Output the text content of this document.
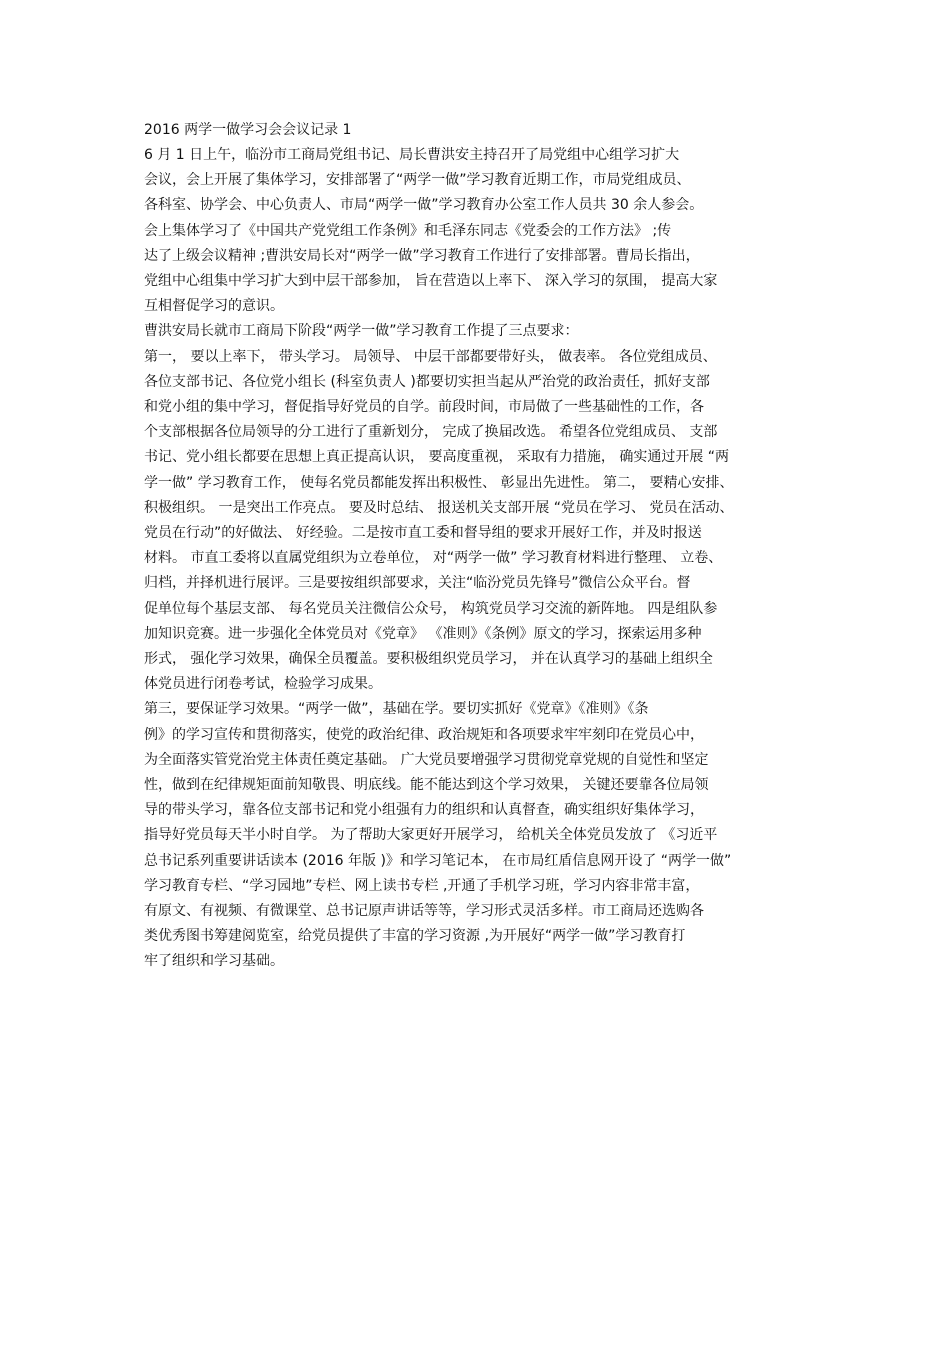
2016 两学一做学习会会议记录 1
6 月 1 日上午，临汾市工商局党组书记、局长曹洪安主持召开了局党组中心组学习扩大
会议，会上开展了集体学习，安排部署了“两学一做”学习教育近期工作，市局党组成员、
各科室、协学会、中心负责人、市局“两学一做”学习教育办公室工作人员共 30 余人参会。
会上集体学习了《中国共产党党组工作条例》和毛泽东同志《党委会的工作方法》 ;传
达了上级会议精神 ;曹洪安局长对“两学一做”学习教育工作进行了安排部署。曹局长指出，
党组中心组集中学习扩大到中层干部参加， 旨在营造以上率下、 深入学习的氛围， 提高大家
互相督促学习的意识。
曹洪安局长就市工商局下阶段“两学一做”学习教育工作提了三点要求：
第一， 要以上率下， 带头学习。 局领导、 中层干部都要带好头， 做表率。 各位党组成员、
各位支部书记、各位党小组长 (科室负责人 )都要切实担当起从严治党的政治责任，抓好支部
和党小组的集中学习，督促指导好党员的自学。前段时间，市局做了一些基础性的工作，各
个支部根据各位局领导的分工进行了重新划分， 完成了换届改选。 希望各位党组成员、 支部
书记、党小组长都要在思想上真正提高认识， 要高度重视， 采取有力措施， 确实通过开展 “两
学一做” 学习教育工作， 使每名党员都能发挥出积极性、 彰显出先进性。 第二， 要精心安排、
积极组织。 一是突出工作亮点。 要及时总结、 报送机关支部开展 “党员在学习、 党员在活动、
党员在行动”的好做法、 好经验。二是按市直工委和督导组的要求开展好工作，并及时报送
材料。 市直工委将以直属党组织为立卷单位， 对“两学一做” 学习教育材料进行整理、 立卷、
归档，并择机进行展评。三是要按组织部要求，关注“临汾党员先锋号”微信公众平台。督
促单位每个基层支部、 每名党员关注微信公众号， 构筑党员学习交流的新阵地。 四是组队参
加知识竞赛。进一步强化全体党员对《党章》 《准则》《条例》原文的学习，探索运用多种
形式， 强化学习效果，确保全员覆盖。要积极组织党员学习， 并在认真学习的基础上组织全
体党员进行闭卷考试，检验学习成果。
第三，要保证学习效果。“两学一做”，基础在学。要切实抓好《党章》《准则》《条
例》的学习宣传和贯彻落实，使党的政治纪律、政治规矩和各项要求牢牢刻印在党员心中，
为全面落实管党治党主体责任奠定基础。 广大党员要增强学习贯彻党章党规的自觉性和坚定
性，做到在纪律规矩面前知敬畏、明底线。能不能达到这个学习效果， 关键还要靠各位局领
导的带头学习，靠各位支部书记和党小组强有力的组织和认真督查，确实组织好集体学习，
指导好党员每天半小时自学。 为了帮助大家更好开展学习， 给机关全体党员发放了 《习近平
总书记系列重要讲话读本 (2016 年版 )》和学习笔记本， 在市局红盾信息网开设了 “两学一做”
学习教育专栏、“学习园地”专栏、网上读书专栏 ,开通了手机学习班，学习内容非常丰富，
有原文、有视频、有微课堂、总书记原声讲话等等，学习形式灵活多样。市工商局还选购各
类优秀图书筹建阅览室，给党员提供了丰富的学习资源 ,为开展好“两学一做”学习教育打
牢了组织和学习基础。
